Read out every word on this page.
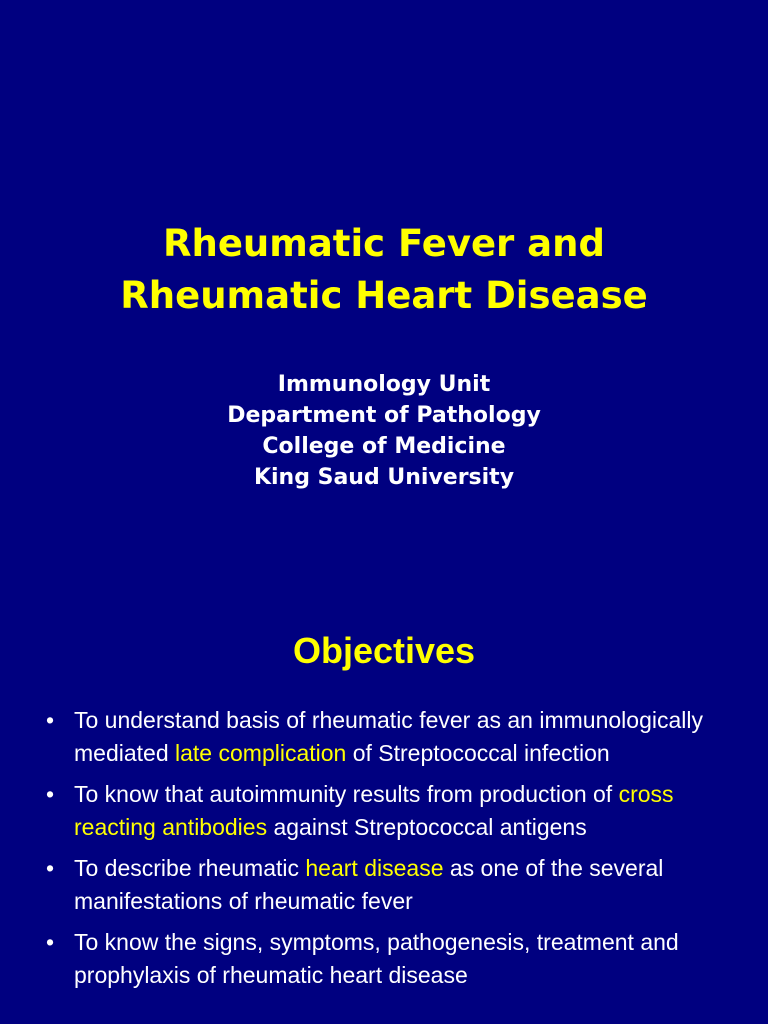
Rheumatic Fever and
Rheumatic Heart Disease
Immunology Unit
Department of Pathology
College of Medicine
King Saud University
Objectives
• To understand basis of rheumatic fever as an immunologically mediated late complication of Streptococcal infection
• To know that autoimmunity results from production of cross reacting antibodies against Streptococcal antigens
• To describe rheumatic heart disease as one of the several manifestations of rheumatic fever
• To know the signs, symptoms, pathogenesis, treatment and prophylaxis of rheumatic heart disease
